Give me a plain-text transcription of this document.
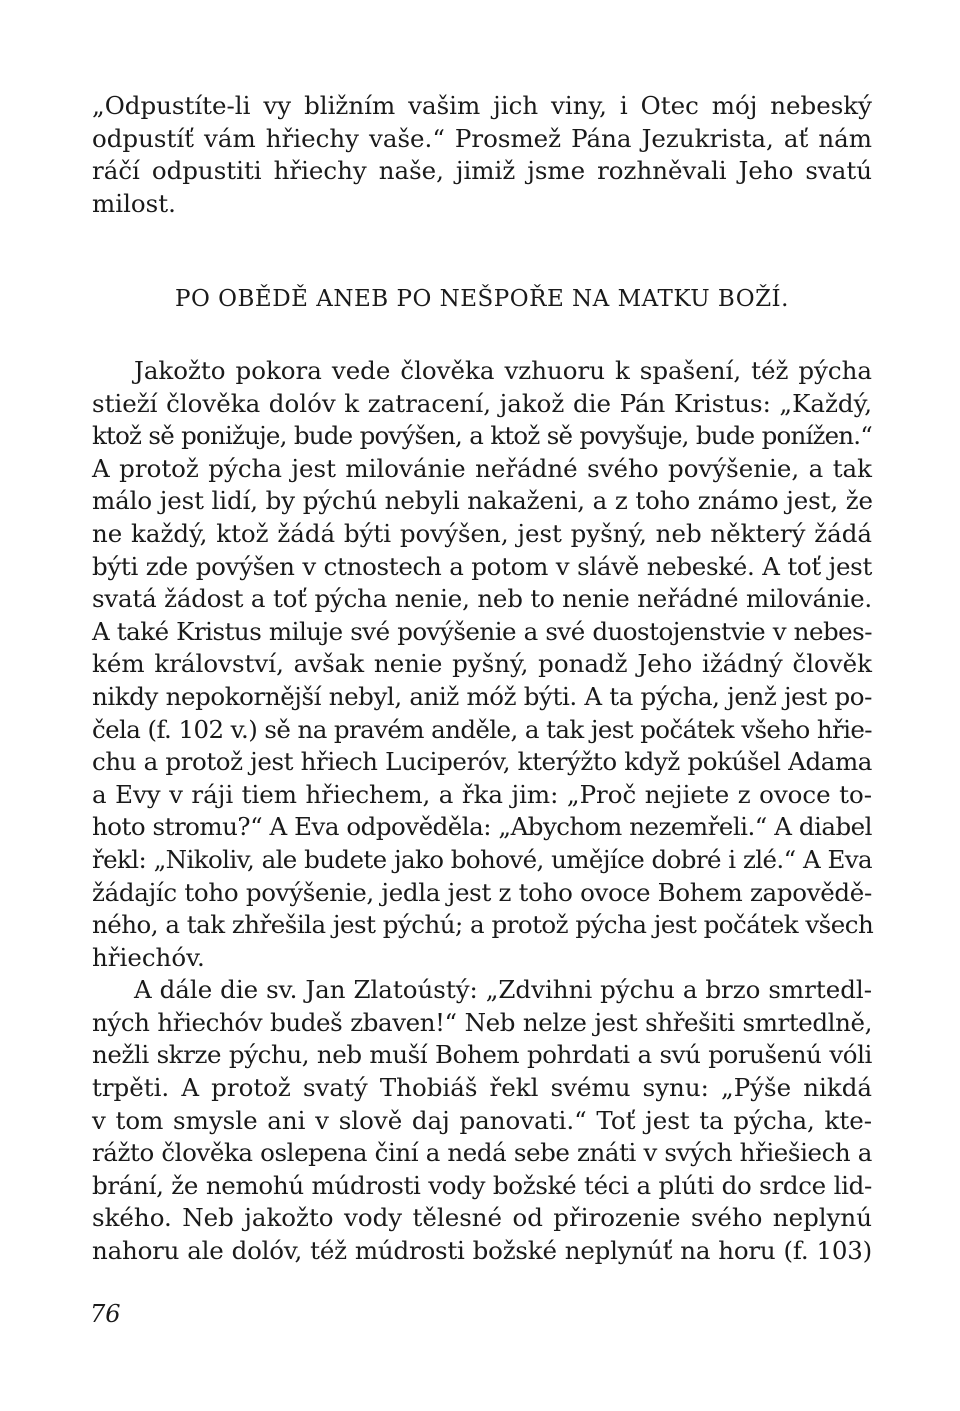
„Odpustíte-li vy bližním vašim jich viny, i Otec mój nebeský
odpustíť vám hřiechy vaše.“ Prosmež Pána Jezukrista, ať nám
ráčí odpustiti hřiechy naše, jimiž jsme rozhněvali Jeho svatú
milost.
PO OBĚDĚ ANEB PO NEŠPOŘE NA MATKU BOŽÍ.
Jakožto pokora vede člověka vzhuoru k spašení, též pýcha
stieží člověka dolóv k zatracení, jakož die Pán Kristus: „Každý,
ktož sě ponižuje, bude povýšen, a ktož sě povyšuje, bude ponížen.“
A protož pýcha jest milovánie neřádné svého povýšenie, a tak
málo jest lidí, by pýchú nebyli nakaženi, a z toho známo jest, že
ne každý, ktož žádá býti povýšen, jest pyšný, neb některý žádá
býti zde povýšen v ctnostech a potom v slávě nebeské. A toť jest
svatá žádost a toť pýcha nenie, neb to nenie neřádné milovánie.
A také Kristus miluje své povýšenie a své duostojenstvie v nebes-
kém království, avšak nenie pyšný, ponadž Jeho ižádný člověk
nikdy nepokornější nebyl, aniž móž býti. A ta pýcha, jenž jest po-
čela (f. 102 v.) sě na pravém anděle, a tak jest počátek všeho hřie-
chu a protož jest hřiech Luciperóv, kterýžto když pokúšel Adama
a Evy v ráji tiem hřiechem, a řka jim: „Proč nejiete z ovoce to-
hoto stromu?“ A Eva odpověděla: „Abychom nezemřeli.“ A diabel
řekl: „Nikoliv, ale budete jako bohové, umějíce dobré i zlé.“ A Eva
žádajíc toho povýšenie, jedla jest z toho ovoce Bohem zapovědě-
ného, a tak zhřešila jest pýchú; a protož pýcha jest počátek všech
hřiechóv.
A dále die sv. Jan Zlatoústý: „Zdvihni pýchu a brzo smrtedl-
ných hřiechóv budeš zbaven!“ Neb nelze jest shřešiti smrtedlně,
nežli skrze pýchu, neb muší Bohem pohrdati a svú porušenú vóli
trpěti. A protož svatý Thobiáš řekl svému synu: „Pýše nikdá
v tom smysle ani v slově daj panovati.“ Toť jest ta pýcha, kte-
rážto člověka oslepena činí a nedá sebe znáti v svých hřiešiech a
brání, že nemohú múdrosti vody božské téci a plúti do srdce lid-
ského. Neb jakožto vody tělesné od přirozenie svého neplynú
nahoru ale dolóv, též múdrosti božské neplynúť na horu (f. 103)
76
